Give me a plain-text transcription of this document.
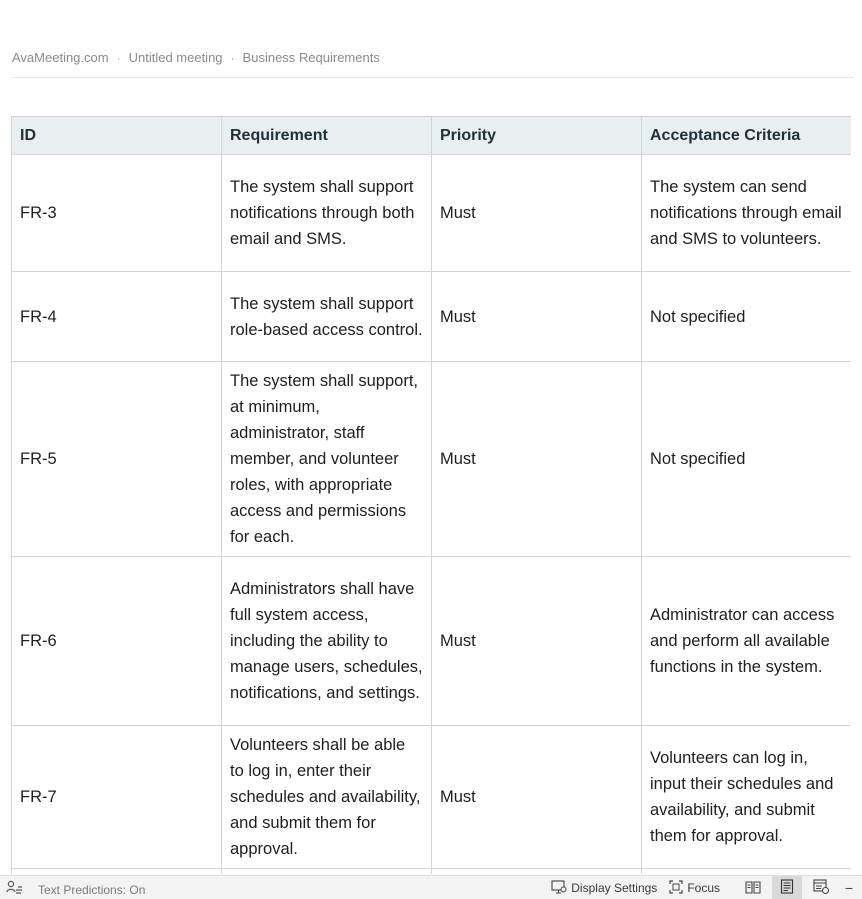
AvaMeeting.com · Untitled meeting · Business Requirements
ID	Requirement	Priority	Acceptance Criteria
FR-3	The system shall support notifications through both email and SMS.	Must	The system can send notifications through email and SMS to volunteers.
FR-4	The system shall support role-based access control.	Must	Not specified
FR-5	The system shall support, at minimum, administrator, staff member, and volunteer roles, with appropriate access and permissions for each.	Must	Not specified
FR-6	Administrators shall have full system access, including the ability to manage users, schedules, notifications, and settings.	Must	Administrator can access and perform all available functions in the system.
FR-7	Volunteers shall be able to log in, enter their schedules and availability, and submit them for approval.	Must	Volunteers can log in, input their schedules and availability, and submit them for approval.

Text Predictions: On	Display Settings	Focus	−
